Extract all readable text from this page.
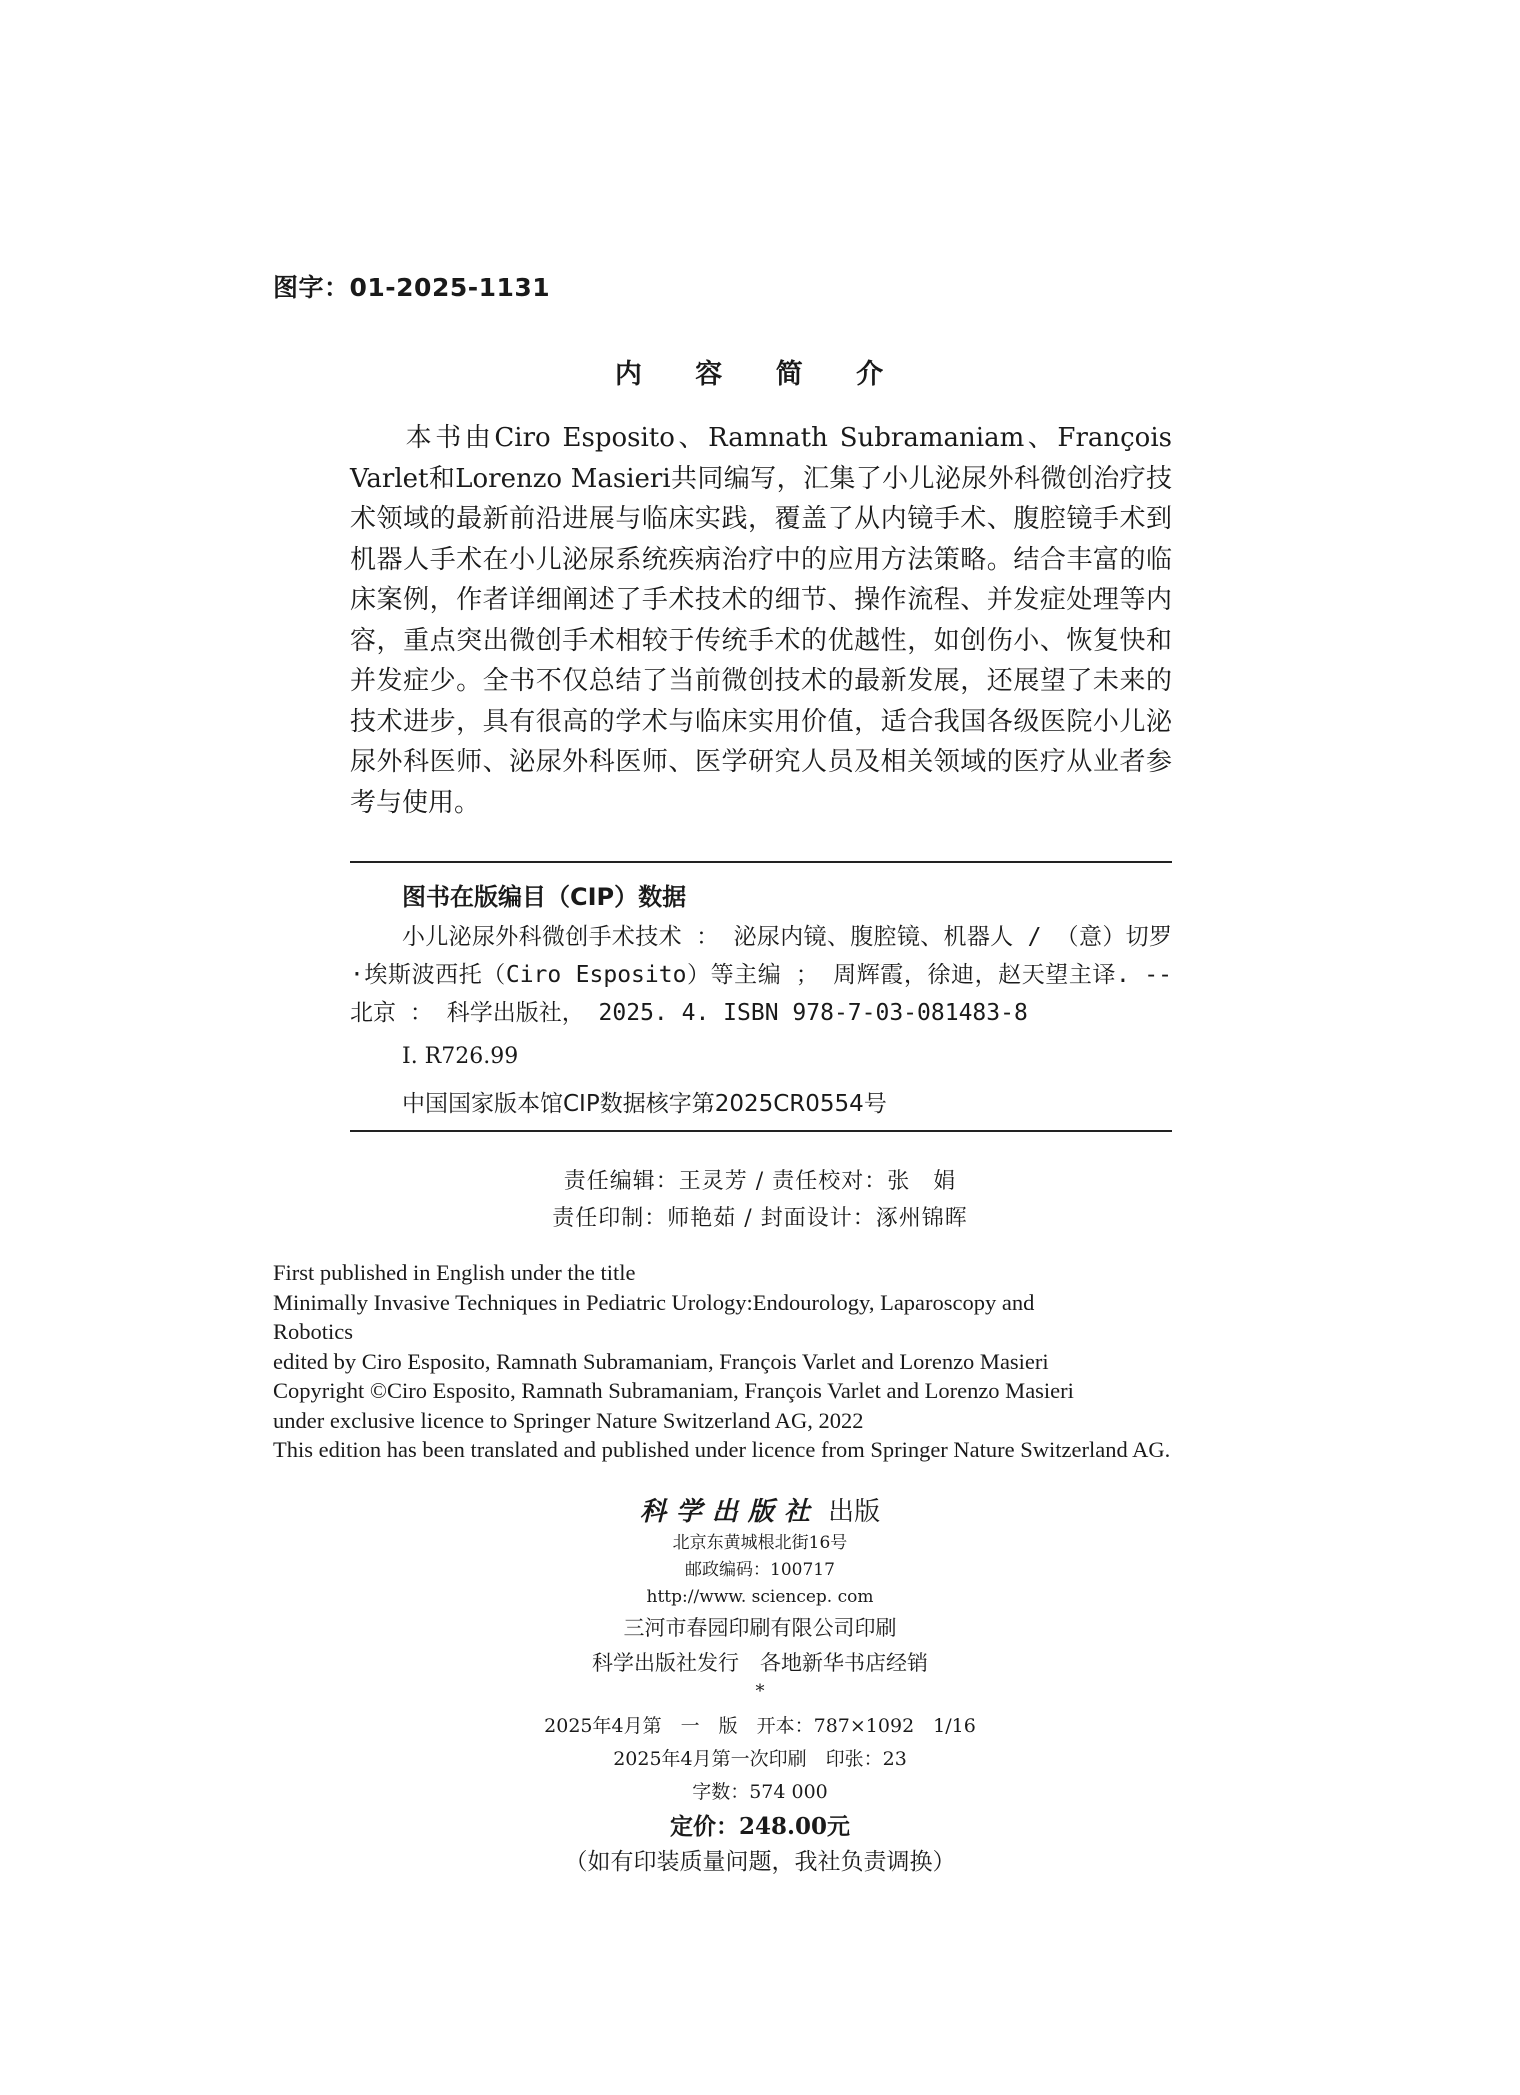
图字：01-2025-1131
内 容 简 介

本书由Ciro Esposito、Ramnath Subramaniam、François Varlet和Lorenzo Masieri共同编写，汇集了小儿泌尿外科微创治疗技术领域的最新前沿进展与临床实践，覆盖了从内镜手术、腹腔镜手术到机器人手术在小儿泌尿系统疾病治疗中的应用方法策略。结合丰富的临床案例，作者详细阐述了手术技术的细节、操作流程、并发症处理等内容，重点突出微创手术相较于传统手术的优越性，如创伤小、恢复快和并发症少。全书不仅总结了当前微创技术的最新发展，还展望了未来的技术进步，具有很高的学术与临床实用价值，适合我国各级医院小儿泌尿外科医师、泌尿外科医师、医学研究人员及相关领域的医疗从业者参考与使用。

图书在版编目（CIP）数据
小儿泌尿外科微创手术技术 ： 泌尿内镜、腹腔镜、机器人 / （意）切罗·埃斯波西托（Ciro Esposito）等主编 ； 周辉霞，徐迪，赵天望主译. -- 北京 ： 科学出版社， 2025. 4. ISBN 978-7-03-081483-8
Ⅰ. R726.99
中国国家版本馆CIP数据核字第2025CR0554号
责任编辑：王灵芳 / 责任校对：张　娟
责任印制：师艳茹 / 封面设计：涿州锦晖
First published in English under the title
Minimally Invasive Techniques in Pediatric Urology:Endourology, Laparoscopy and
Robotics
edited by Ciro Esposito, Ramnath Subramaniam, François Varlet and Lorenzo Masieri
Copyright ©Ciro Esposito, Ramnath Subramaniam, François Varlet and Lorenzo Masieri
under exclusive licence to Springer Nature Switzerland AG, 2022
This edition has been translated and published under licence from Springer Nature Switzerland AG.
科学出版社 出版
北京东黄城根北街16号
邮政编码：100717
http://www. sciencep. com
三河市春园印刷有限公司印刷
科学出版社发行　各地新华书店经销
*
2025年4月第　一　版　开本：787×1092　1/16
2025年4月第一次印刷　印张：23
字数：574 000
定价：248.00元
（如有印装质量问题，我社负责调换）
